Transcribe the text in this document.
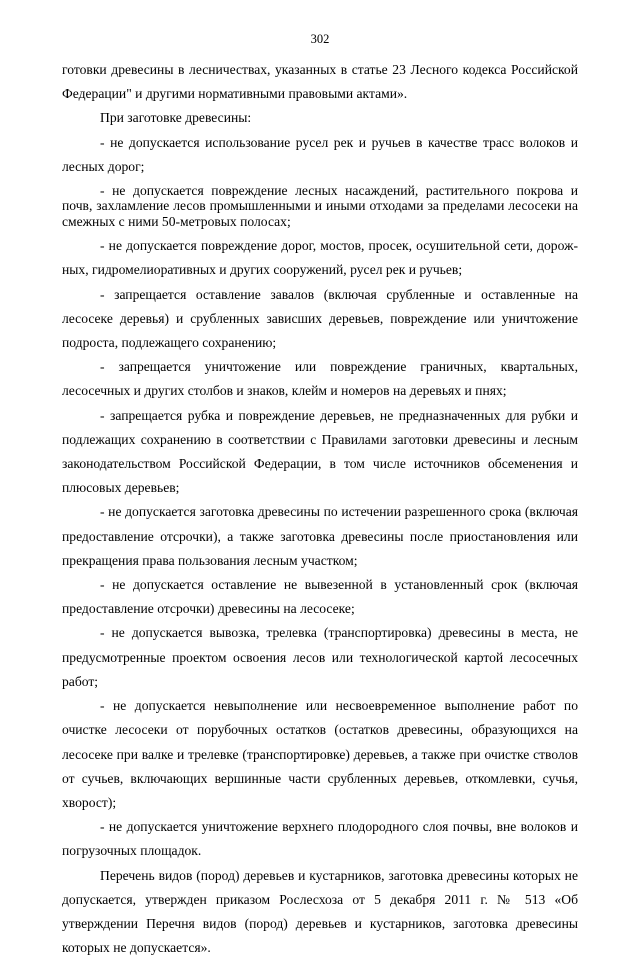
302

готовки древесины в лесничествах, указанных в статье 23 Лесного кодекса Российской Федерации" и другими нормативными правовыми актами».

При заготовке древесины:

- не допускается использование русел рек и ручьев в качестве трасс волоков и лесных дорог;

- не допускается повреждение лесных насаждений, растительного покрова и почв, захламление лесов промышленными и иными отходами за пределами лесосеки на смежных с ними 50-метровых полосах;

- не допускается повреждение дорог, мостов, просек, осушительной сети, дорожных, гидромелиоративных и других сооружений, русел рек и ручьев;

- запрещается оставление завалов (включая срубленные и оставленные на лесосеке деревья) и срубленных зависших деревьев, повреждение или уничтожение подроста, подлежащего сохранению;

- запрещается уничтожение или повреждение граничных, квартальных, лесосечных и других столбов и знаков, клейм и номеров на деревьях и пнях;

- запрещается рубка и повреждение деревьев, не предназначенных для рубки и подлежащих сохранению в соответствии с Правилами заготовки древесины и лесным законодательством Российской Федерации, в том числе источников обсеменения и плюсовых деревьев;

- не допускается заготовка древесины по истечении разрешенного срока (включая предоставление отсрочки), а также заготовка древесины после приостановления или прекращения права пользования лесным участком;

- не допускается оставление не вывезенной в установленный срок (включая предоставление отсрочки) древесины на лесосеке;

- не допускается вывозка, трелевка (транспортировка) древесины в места, не предусмотренные проектом освоения лесов или технологической картой лесосечных работ;

- не допускается невыполнение или несвоевременное выполнение работ по очистке лесосеки от порубочных остатков (остатков древесины, образующихся на лесосеке при валке и трелевке (транспортировке) деревьев, а также при очистке стволов от сучьев, включающих вершинные части срубленных деревьев, откомлевки, сучья, хворост);

- не допускается уничтожение верхнего плодородного слоя почвы, вне волоков и погрузочных площадок.

Перечень видов (пород) деревьев и кустарников, заготовка древесины которых не допускается, утвержден приказом Рослесхоза от 5 декабря 2011 г. № 513 «Об утверждении Перечня видов (пород) деревьев и кустарников, заготовка древесины которых не допускается».
